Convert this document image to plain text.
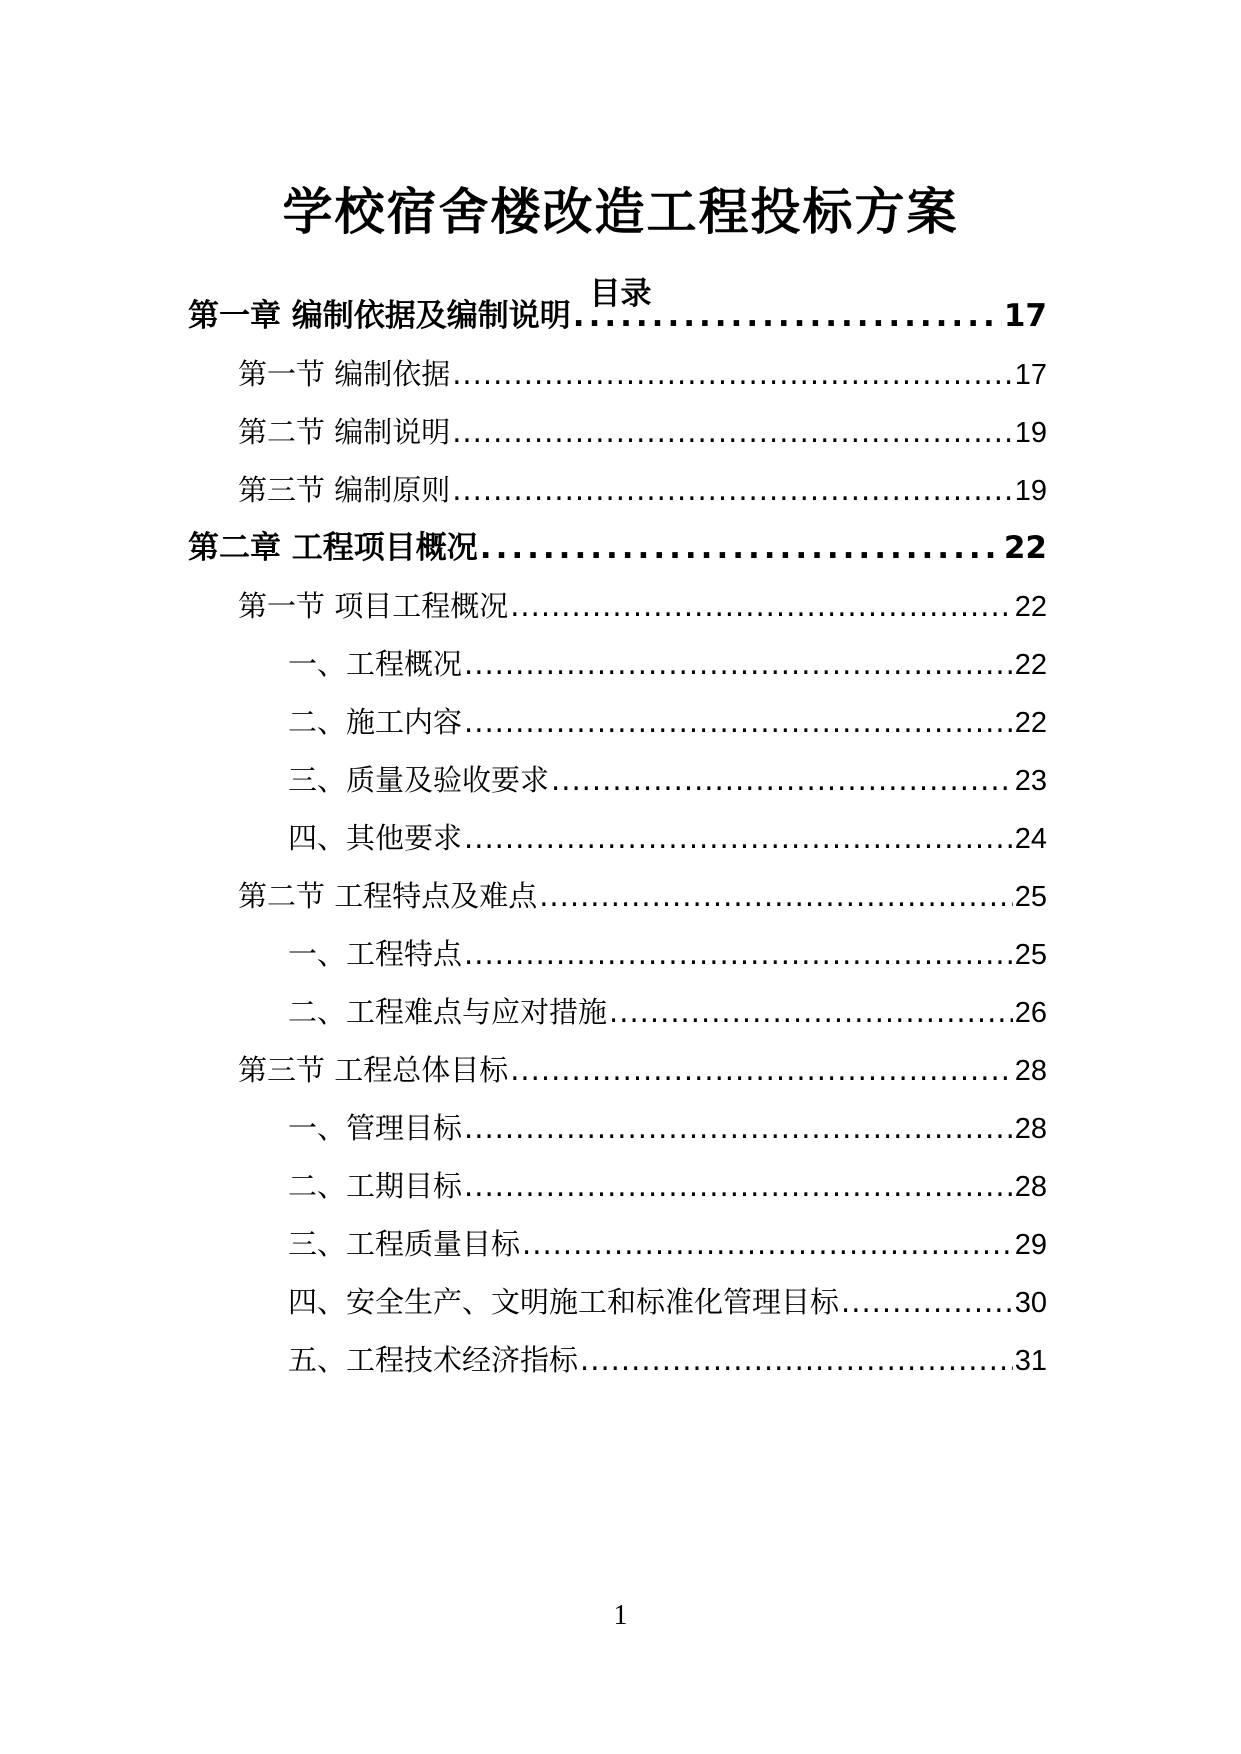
学校宿舍楼改造工程投标方案
目录
第一章 编制依据及编制说明 .....	17
第一节 编制依据 .....	17
第二节 编制说明 .....	19
第三节 编制原则 .....	19
第二章 工程项目概况 .....	22
第一节 项目工程概况 .....	22
一、工程概况 .....	22
二、施工内容 .....	22
三、质量及验收要求 .....	23
四、其他要求 .....	24
第二节 工程特点及难点 .....	25
一、工程特点 .....	25
二、工程难点与应对措施 .....	26
第三节 工程总体目标 .....	28
一、管理目标 .....	28
二、工期目标 .....	28
三、工程质量目标 .....	29
四、安全生产、文明施工和标准化管理目标 .....	30
五、工程技术经济指标 .....	31
1
